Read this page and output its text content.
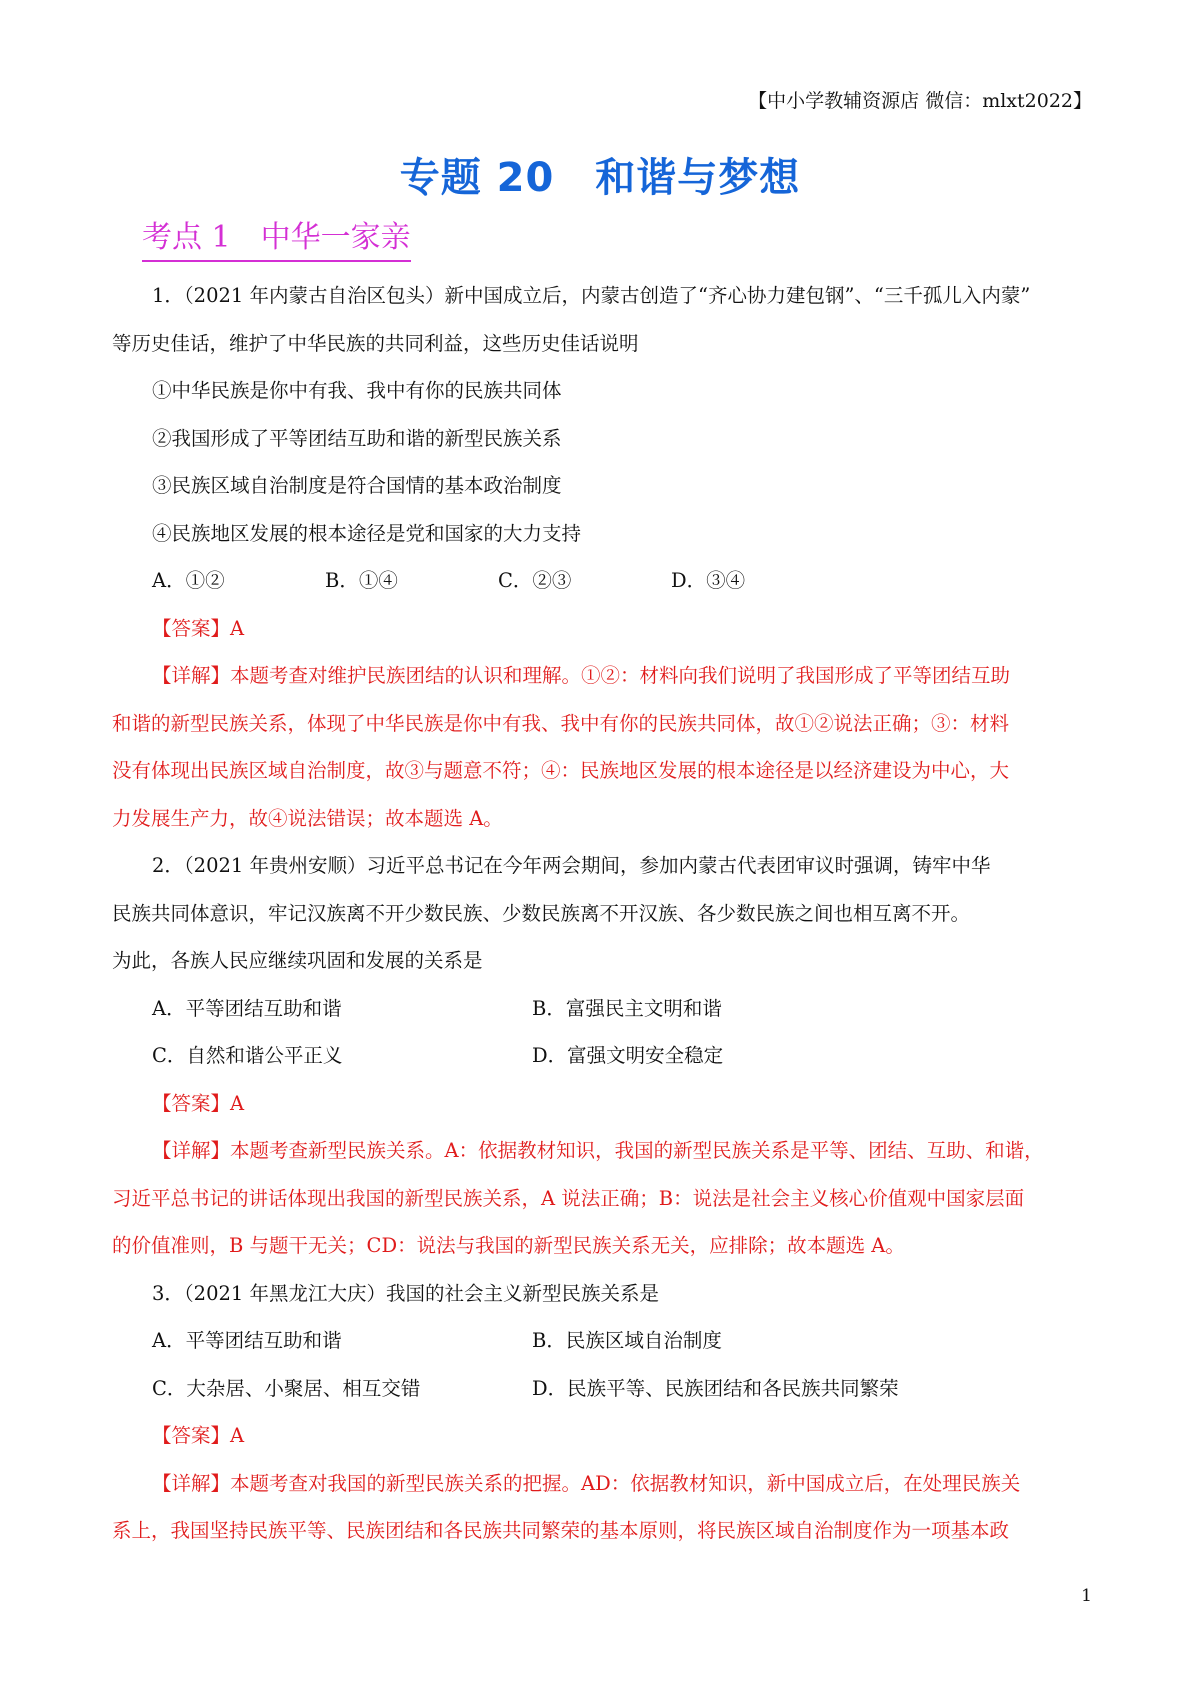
【中小学教辅资源店 微信：mlxt2022】
专题 20　和谐与梦想
考点 1　中华一家亲
1．（2021 年内蒙古自治区包头）新中国成立后，内蒙古创造了“齐心协力建包钢”、“三千孤儿入内蒙”
等历史佳话，维护了中华民族的共同利益，这些历史佳话说明
①中华民族是你中有我、我中有你的民族共同体
②我国形成了平等团结互助和谐的新型民族关系
③民族区域自治制度是符合国情的基本政治制度
④民族地区发展的根本途径是党和国家的大力支持
A．①②	B．①④	C．②③	D．③④
【答案】A
【详解】本题考查对维护民族团结的认识和理解。①②：材料向我们说明了我国形成了平等团结互助
和谐的新型民族关系，体现了中华民族是你中有我、我中有你的民族共同体，故①②说法正确；③：材料
没有体现出民族区域自治制度，故③与题意不符；④：民族地区发展的根本途径是以经济建设为中心，大
力发展生产力，故④说法错误；故本题选 A。
2．（2021 年贵州安顺）习近平总书记在今年两会期间，参加内蒙古代表团审议时强调，铸牢中华
民族共同体意识，牢记汉族离不开少数民族、少数民族离不开汉族、各少数民族之间也相互离不开。
为此，各族人民应继续巩固和发展的关系是
A．平等团结互助和谐	B．富强民主文明和谐
C．自然和谐公平正义	D．富强文明安全稳定
【答案】A
【详解】本题考查新型民族关系。A：依据教材知识，我国的新型民族关系是平等、团结、互助、和谐，
习近平总书记的讲话体现出我国的新型民族关系，A 说法正确；B：说法是社会主义核心价值观中国家层面
的价值准则，B 与题干无关；CD：说法与我国的新型民族关系无关，应排除；故本题选 A。
3．（2021 年黑龙江大庆）我国的社会主义新型民族关系是
A．平等团结互助和谐	B．民族区域自治制度
C．大杂居、小聚居、相互交错	D．民族平等、民族团结和各民族共同繁荣
【答案】A
【详解】本题考查对我国的新型民族关系的把握。AD：依据教材知识，新中国成立后，在处理民族关
系上，我国坚持民族平等、民族团结和各民族共同繁荣的基本原则，将民族区域自治制度作为一项基本政
1
